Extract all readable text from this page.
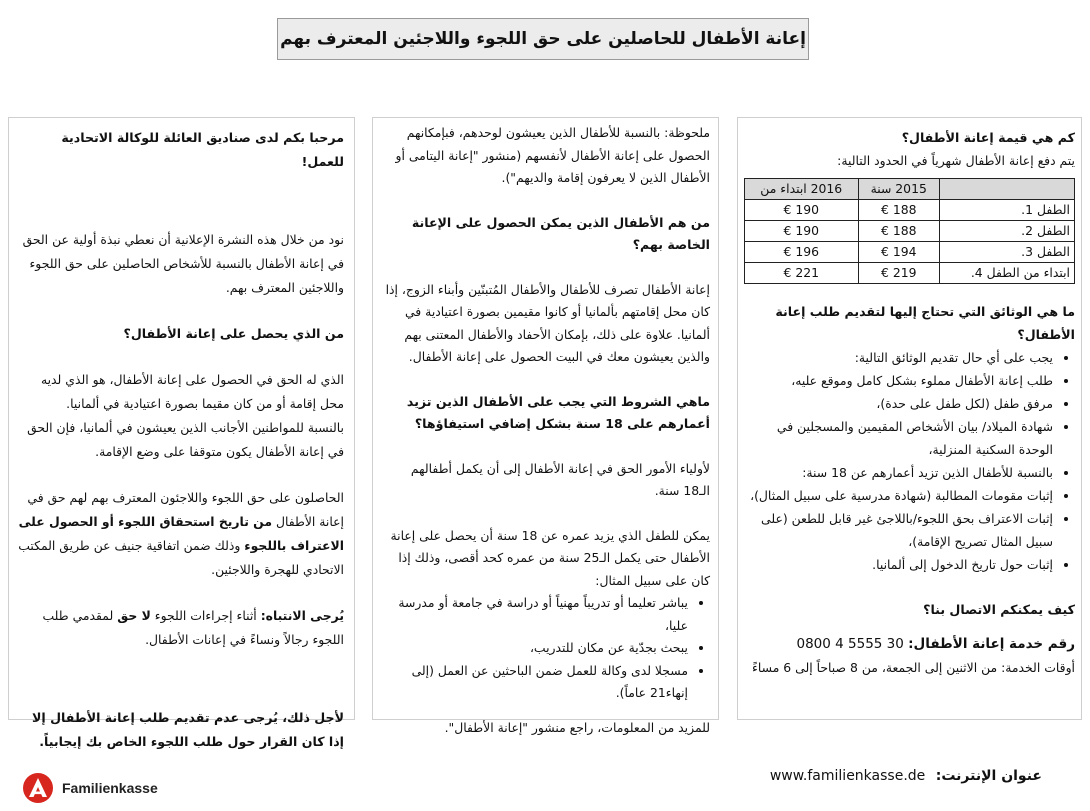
إعانة الأطفال للحاصلين على حق اللجوء واللاجئين المعترف بهم

مرحبا بكم لدى صناديق العائلة للوكالة الاتحادية للعمل!

نود من خلال هذه النشرة الإعلانية أن نعطي نبذة أولية عن الحق في إعانة الأطفال بالنسبة للأشخاص الحاصلين على حق اللجوء واللاجئين المعترف بهم.

من الذي يحصل على إعانة الأطفال؟

الذي له الحق في الحصول على إعانة الأطفال، هو الذي لديه محل إقامة أو من كان مقيما بصورة اعتيادية في ألمانيا.

بالنسبة للمواطنين الأجانب الذين يعيشون في ألمانيا، فإن الحق في إعانة الأطفال يكون متوقفا على وضع الإقامة.

الحاصلون على حق اللجوء واللاجئون المعترف بهم لهم حق في إعانة الأطفال من تاريخ استحقاق اللجوء أو الحصول على الاعتراف باللجوء وذلك ضمن اتفاقية جنيف عن طريق المكتب الاتحادي للهجرة واللاجئين.

يُرجى الانتباه: أثناء إجراءات اللجوء لا حق لمقدمي طلب اللجوء رجالاً ونساءً في إعانات الأطفال.

لأجل ذلك، يُرجى عدم تقديم طلب إعانة الأطفال إلا إذا كان القرار حول طلب اللجوء الخاص بك إيجابياً.

ملحوظة: بالنسبة للأطفال الذين يعيشون لوحدهم، فبإمكانهم الحصول على إعانة الأطفال لأنفسهم (منشور "إعانة اليتامى أو الأطفال الذين لا يعرفون إقامة والديهم").

من هم الأطفال الذين يمكن الحصول على الإعانة الخاصة بهم؟

إعانة الأطفال تصرف للأطفال والأطفال المُتبنّين وأبناء الزوج، إذا كان محل إقامتهم بألمانيا أو كانوا مقيمين بصورة اعتيادية في ألمانيا. علاوة على ذلك، بإمكان الأحفاد والأطفال المعتنى بهم والذين يعيشون معك في البيت الحصول على إعانة الأطفال.

ماهي الشروط التي يجب على الأطفال الذين تزيد أعمارهم على 18 سنة بشكل إضافي استيفاؤها؟

لأولياء الأمور الحق في إعانة الأطفال إلى أن يكمل أطفالهم الـ18 سنة.

يمكن للطفل الذي يزيد عمره عن 18 سنة أن يحصل على إعانة الأطفال حتى يكمل الـ25 سنة من عمره كحد أقصى، وذلك إذا كان على سبيل المثال:

• يباشر تعليما أو تدريباً مهنياً أو دراسة في جامعة أو مدرسة عليا،
• يبحث بجدّية عن مكان للتدريب،
• مسجلا لدى وكالة للعمل ضمن الباحثين عن العمل (إلى إنهاء21 عاماً).

للمزيد من المعلومات، راجع منشور "إعانة الأطفال".

كم هي قيمة إعانة الأطفال؟

يتم دفع إعانة الأطفال شهرياً في الحدود التالية:

	2015 سنة	2016 ابتداء من
الطفل 1.	188 €	190 €
الطفل 2.	188 €	190 €
الطفل 3.	194 €	196 €
ابتداء من الطفل 4.	219 €	221 €

ما هي الوثائق التي تحتاج إليها لتقديم طلب إعانة الأطفال؟

• يجب على أي حال تقديم الوثائق التالية:
• طلب إعانة الأطفال مملوء بشكل كامل وموقع عليه،
• مرفق طفل (لكل طفل على حدة)،
• شهادة الميلاد/ بيان الأشخاص المقيمين والمسجلين في الوحدة السكنية المنزلية،
• بالنسبة للأطفال الذين تزيد أعمارهم عن 18 سنة:
• إثبات مقومات المطالبة (شهادة مدرسية على سبيل المثال)،
• إثبات الاعتراف بحق اللجوء/باللاجئ غير قابل للطعن (على سبيل المثال تصريح الإقامة)،
• إثبات حول تاريخ الدخول إلى ألمانيا.

كيف يمكنكم الاتصال بنا؟

رقم خدمة إعانة الأطفال: 0800 4 5555 30

أوقات الخدمة: من الاثنين إلى الجمعة، من 8 صباحاً إلى 6 مساءً

Familienkasse
عنوان الإنترنت: www.familienkasse.de
